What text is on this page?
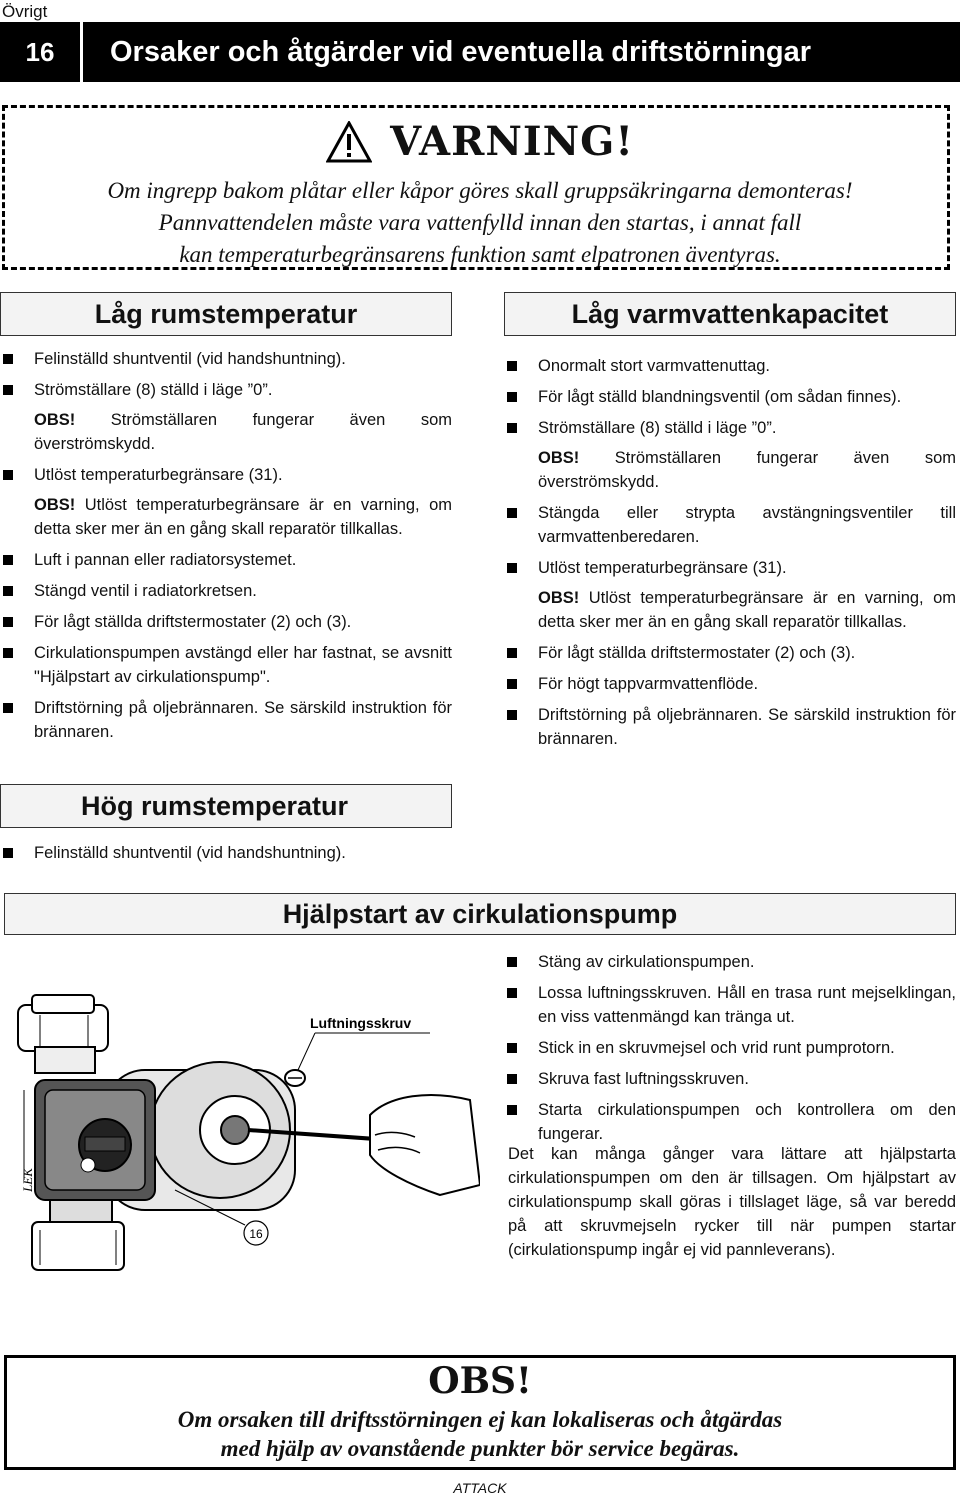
Övrigt
16	Orsaker och åtgärder vid eventuella driftstörningar
VARNING!
Om ingrepp bakom plåtar eller kåpor göres skall gruppsäkringarna demonteras!
Pannvattendelen måste vara vattenfylld innan den startas, i annat fall
kan temperaturbegränsarens funktion samt elpatronen äventyras.
Låg rumstemperatur
Felinställd shuntventil (vid handshuntning).
Strömställare (8) ställd i läge ”0”.
OBS! Strömställaren fungerar även som överströmskydd.
Utlöst temperaturbegränsare (31).
OBS! Utlöst temperaturbegränsare är en varning, om detta sker mer än en gång skall reparatör tillkallas.
Luft i pannan eller radiatorsystemet.
Stängd ventil i radiatorkretsen.
För lågt ställda driftstermostater (2) och (3).
Cirkulationspumpen avstängd eller har fastnat, se avsnitt "Hjälpstart av cirkulationspump".
Driftstörning på oljebrännaren. Se särskild instruktion för brännaren.
Låg varmvattenkapacitet
Onormalt stort varmvattenuttag.
För lågt ställd blandningsventil (om sådan finnes).
Strömställare (8) ställd i läge ”0”.
OBS! Strömställaren fungerar även som överströmskydd.
Stängda eller strypta avstängningsventiler till varmvattenberedaren.
Utlöst temperaturbegränsare (31).
OBS! Utlöst temperaturbegränsare är en varning, om detta sker mer än en gång skall reparatör tillkallas.
För lågt ställda driftstermostater (2) och (3).
För högt tappvarmvattenflöde.
Driftstörning på oljebrännaren. Se särskild instruktion för brännaren.
Hög rumstemperatur
Felinställd shuntventil (vid handshuntning).
Hjälpstart av cirkulationspump
LEK
Luftningsskruv
16
Stäng av cirkulationspumpen.
Lossa luftningsskruven. Håll en trasa runt mejselklingan, en viss vattenmängd kan tränga ut.
Stick in en skruvmejsel och vrid runt pumprotorn.
Skruva fast luftningsskruven.
Starta cirkulationspumpen och kontrollera om den fungerar.
Det kan många gånger vara lättare att hjälpstarta cirkulationspumpen om den är tillsagen. Om hjälpstart av cirkulationspump skall göras i tillslaget läge, så var beredd på att skruvmejseln rycker till när pumpen startar (cirkulationspump ingår ej vid pannleverans).
OBS!
Om orsaken till driftsstörningen ej kan lokaliseras och åtgärdas
med hjälp av ovanstående punkter bör service begäras.
ATTACK
